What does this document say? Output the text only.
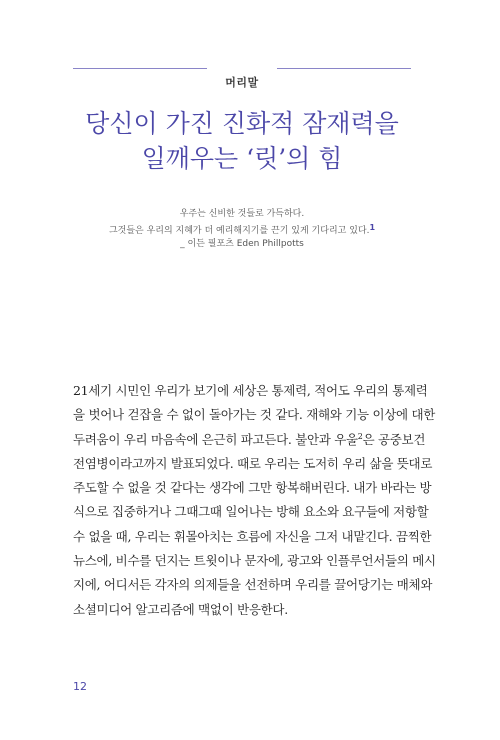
머리말
당신이 가진 진화적 잠재력을
일깨우는 ‘릿’의 힘
우주는 신비한 것들로 가득하다.
그것들은 우리의 지혜가 더 예리해지기를 끈기 있게 기다리고 있다.$^1$
_ 이든 필포츠 Eden Phillpotts
21세기 시민인 우리가 보기에 세상은 통제력, 적어도 우리의 통제력
을 벗어나 걷잡을 수 없이 돌아가는 것 같다. 재해와 기능 이상에 대한
두려움이 우리 마음속에 은근히 파고든다. 불안과 우울$^2$은 공중보건
전염병이라고까지 발표되었다. 때로 우리는 도저히 우리 삶을 뜻대로
주도할 수 없을 것 같다는 생각에 그만 항복해버린다. 내가 바라는 방
식으로 집중하거나 그때그때 일어나는 방해 요소와 요구들에 저항할
수 없을 때, 우리는 휘몰아치는 흐름에 자신을 그저 내맡긴다. 끔찍한
뉴스에, 비수를 던지는 트윗이나 문자에, 광고와 인플루언서들의 메시
지에, 어디서든 각자의 의제들을 선전하며 우리를 끌어당기는 매체와
소셜미디어 알고리즘에 맥없이 반응한다.
12
